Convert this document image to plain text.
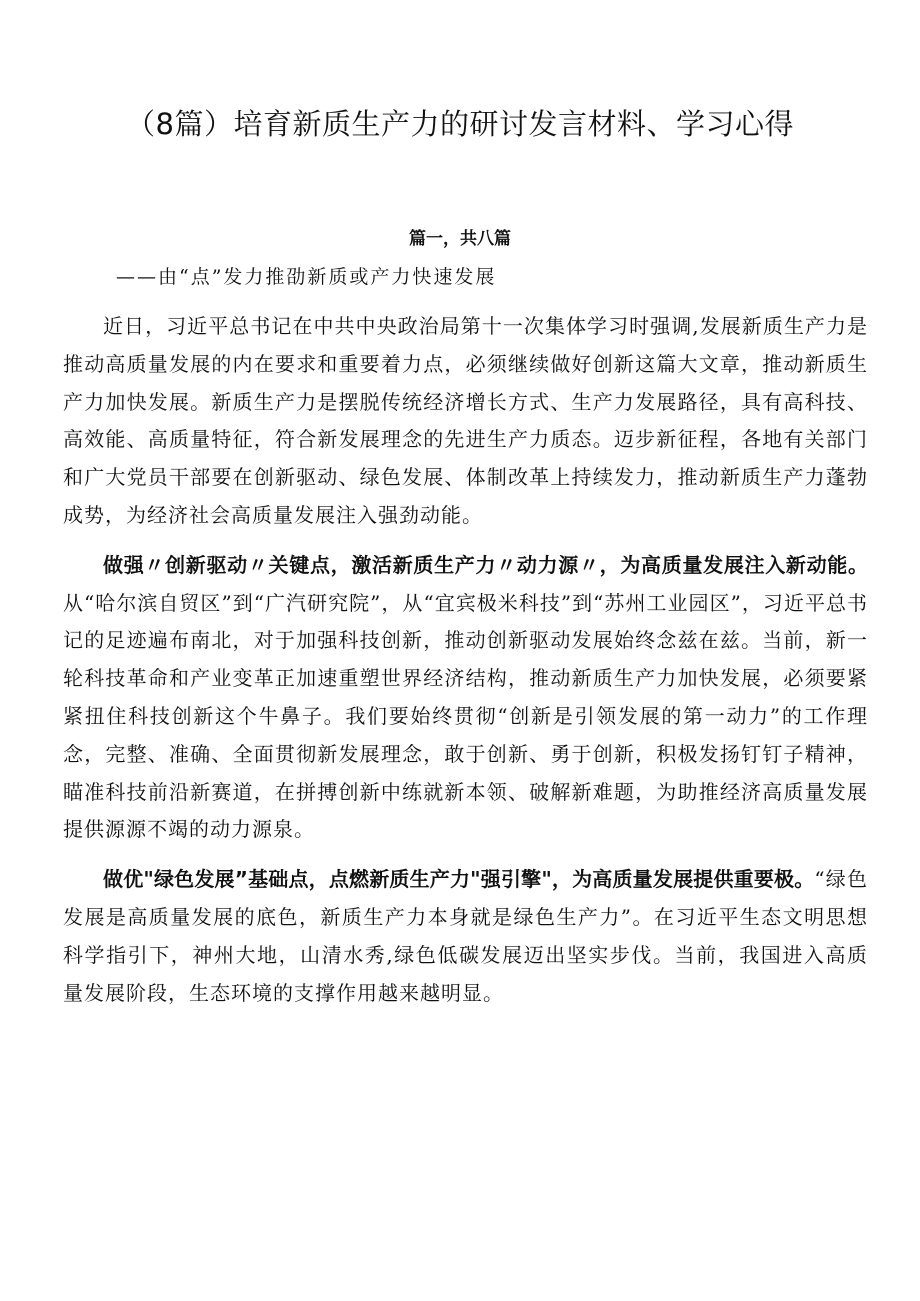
（8篇）培育新质生产力的研讨发言材料、学习心得
篇一，共八篇
——由“点”发力推劭新质或产力快速发展

近日，习近平总书记在中共中央政治局第十一次集体学习时强调,发展新质生产力是推动高质量发展的内在要求和重要着力点，必须继续做好创新这篇大文章，推动新质生产力加快发展。新质生产力是摆脱传统经济增长方式、生产力发展路径，具有高科技、高效能、高质量特征，符合新发展理念的先进生产力质态。迈步新征程，各地有关部门和广大党员干部要在创新驱动、绿色发展、体制改革上持续发力，推动新质生产力蓬勃成势，为经济社会高质量发展注入强劲动能。

做强〃创新驱动〃关键点，激活新质生产力〃动力源〃，为高质量发展注入新动能。从“哈尔滨自贸区”到“广汽研究院”，从“宜宾极米科技”到“苏州工业园区”，习近平总书记的足迹遍布南北，对于加强科技创新，推动创新驱动发展始终念兹在兹。当前，新一轮科技革命和产业变革正加速重塑世界经济结构，推动新质生产力加快发展，必须要紧紧扭住科技创新这个牛鼻子。我们要始终贯彻“创新是引领发展的第一动力”的工作理念，完整、准确、全面贯彻新发展理念，敢于创新、勇于创新，积极发扬钉钉子精神，瞄准科技前沿新赛道，在拼搏创新中练就新本领、破解新难题，为助推经济高质量发展提供源源不竭的动力源泉。

做优"绿色发展”基础点，点燃新质生产力"强引擎"，为高质量发展提供重要极。“绿色发展是高质量发展的底色，新质生产力本身就是绿色生产力”。在习近平生态文明思想科学指引下，神州大地，山清水秀,绿色低碳发展迈出坚实步伐。当前，我国进入高质量发展阶段，生态环境的支撑作用越来越明显。
